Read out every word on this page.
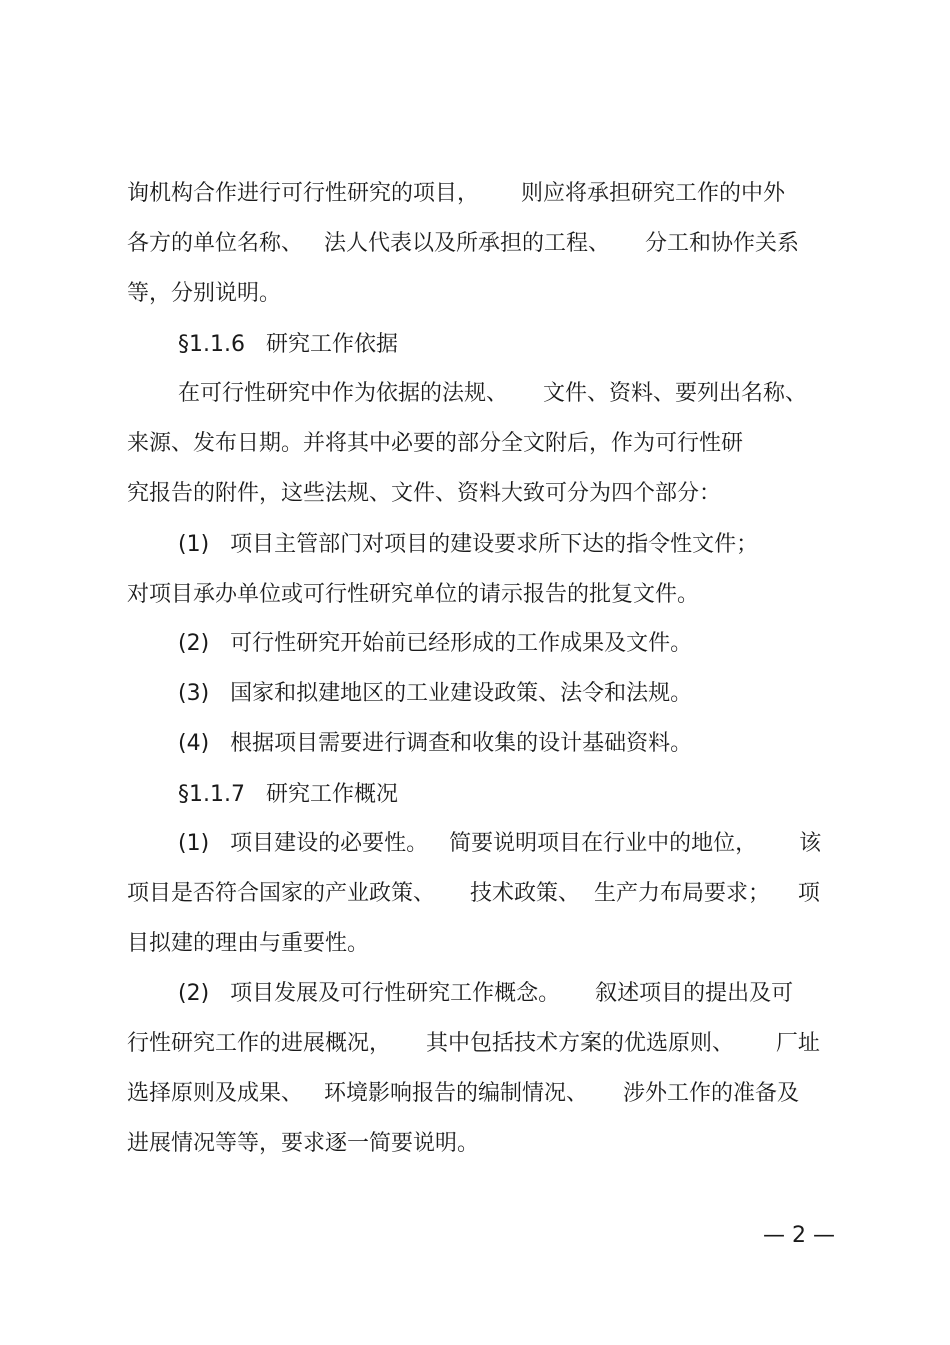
询机构合作进行可行性研究的项目，      则应将承担研究工作的中外
各方的单位名称、   法人代表以及所承担的工程、     分工和协作关系
等，分别说明。
§1.1.6   研究工作依据
在可行性研究中作为依据的法规、     文件、资料、要列出名称、
来源、发布日期。并将其中必要的部分全文附后，作为可行性研
究报告的附件，这些法规、文件、资料大致可分为四个部分：
(1)   项目主管部门对项目的建设要求所下达的指令性文件；
对项目承办单位或可行性研究单位的请示报告的批复文件。
(2)   可行性研究开始前已经形成的工作成果及文件。
(3)   国家和拟建地区的工业建设政策、法令和法规。
(4)   根据项目需要进行调查和收集的设计基础资料。
§1.1.7   研究工作概况
(1)   项目建设的必要性。   简要说明项目在行业中的地位，      该
项目是否符合国家的产业政策、     技术政策、  生产力布局要求；    项
目拟建的理由与重要性。
(2)   项目发展及可行性研究工作概念。     叙述项目的提出及可
行性研究工作的进展概况，     其中包括技术方案的优选原则、      厂址
选择原则及成果、   环境影响报告的编制情况、     涉外工作的准备及
进展情况等等，要求逐一简要说明。
— 2 —
